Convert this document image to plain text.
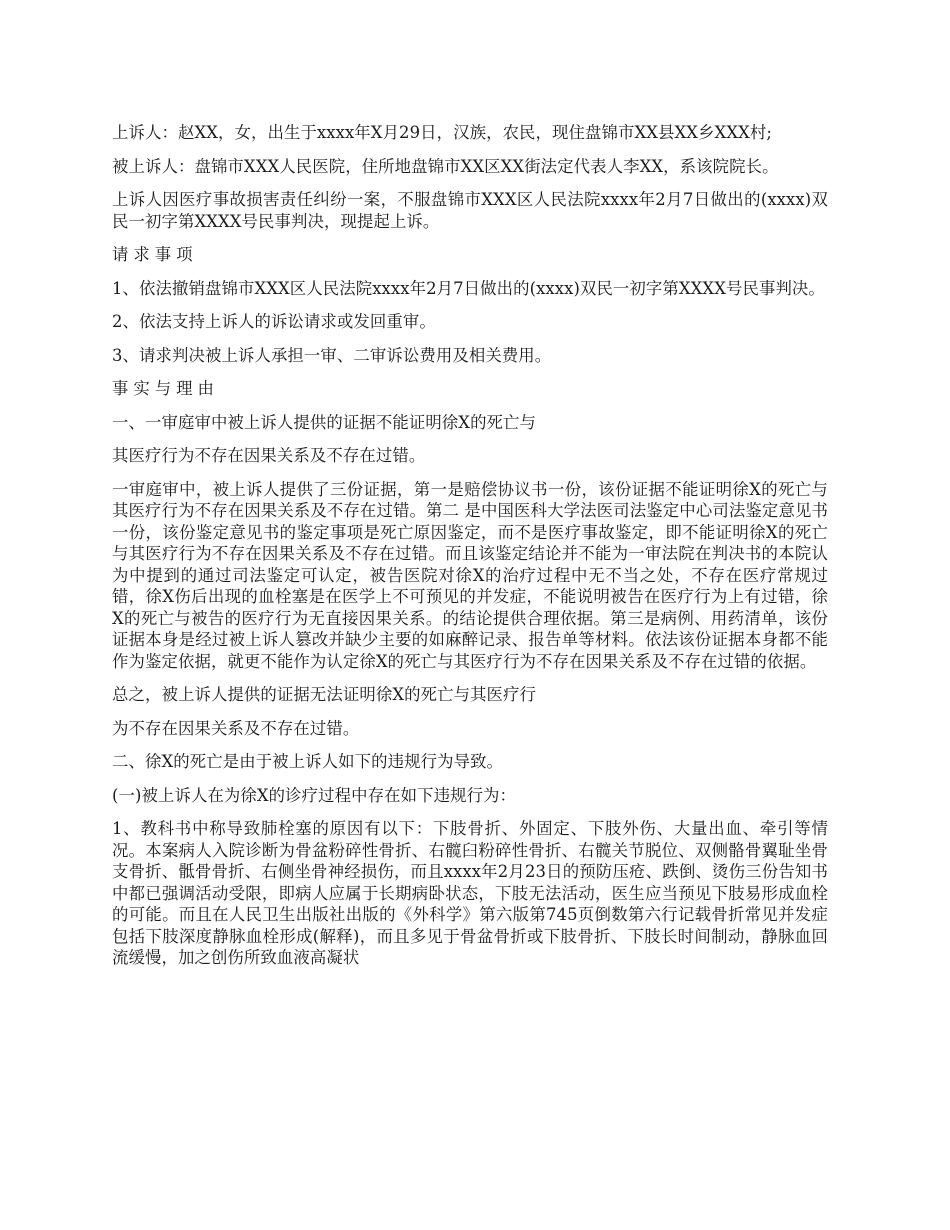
上诉人：赵XX，女，出生于xxxx年X月29日，汉族，农民，现住盘锦市XX县XX乡XXX村;

被上诉人：盘锦市XXX人民医院，住所地盘锦市XX区XX街法定代表人李XX，系该院院长。

上诉人因医疗事故损害责任纠纷一案，不服盘锦市XXX区人民法院xxxx年2月7日做出的(xxxx)双民一初字第XXXX号民事判决，现提起上诉。

请求事项

1、依法撤销盘锦市XXX区人民法院xxxx年2月7日做出的(xxxx)双民一初字第XXXX号民事判决。

2、依法支持上诉人的诉讼请求或发回重审。

3、请求判决被上诉人承担一审、二审诉讼费用及相关费用。

事实与理由

一、一审庭审中被上诉人提供的证据不能证明徐X的死亡与

其医疗行为不存在因果关系及不存在过错。

一审庭审中，被上诉人提供了三份证据，第一是赔偿协议书一份，该份证据不能证明徐X的死亡与其医疗行为不存在因果关系及不存在过错。第二 是中国医科大学法医司法鉴定中心司法鉴定意见书一份，该份鉴定意见书的鉴定事项是死亡原因鉴定，而不是医疗事故鉴定，即不能证明徐X的死亡与其医疗行为不存在因果关系及不存在过错。而且该鉴定结论并不能为一审法院在判决书的本院认为中提到的通过司法鉴定可认定，被告医院对徐X的治疗过程中无不当之处，不存在医疗常规过错，徐X伤后出现的血栓塞是在医学上不可预见的并发症，不能说明被告在医疗行为上有过错，徐X的死亡与被告的医疗行为无直接因果关系。的结论提供合理依据。第三是病例、用药清单，该份证据本身是经过被上诉人篡改并缺少主要的如麻醉记录、报告单等材料。依法该份证据本身都不能作为鉴定依据，就更不能作为认定徐X的死亡与其医疗行为不存在因果关系及不存在过错的依据。

总之，被上诉人提供的证据无法证明徐X的死亡与其医疗行

为不存在因果关系及不存在过错。

二、徐X的死亡是由于被上诉人如下的违规行为导致。

(一)被上诉人在为徐X的诊疗过程中存在如下违规行为：

1、教科书中称导致肺栓塞的原因有以下：下肢骨折、外固定、下肢外伤、大量出血、牵引等情况。本案病人入院诊断为骨盆粉碎性骨折、右髋臼粉碎性骨折、右髋关节脱位、双侧骼骨翼耻坐骨支骨折、骶骨骨折、右侧坐骨神经损伤，而且xxxx年2月23日的预防压疮、跌倒、烫伤三份告知书中都已强调活动受限，即病人应属于长期病卧状态，下肢无法活动，医生应当预见下肢易形成血栓的可能。而且在人民卫生出版社出版的《外科学》第六版第745页倒数第六行记载骨折常见并发症包括下肢深度静脉血栓形成(解释)，而且多见于骨盆骨折或下肢骨折、下肢长时间制动，静脉血回流缓慢，加之创伤所致血液高凝状
